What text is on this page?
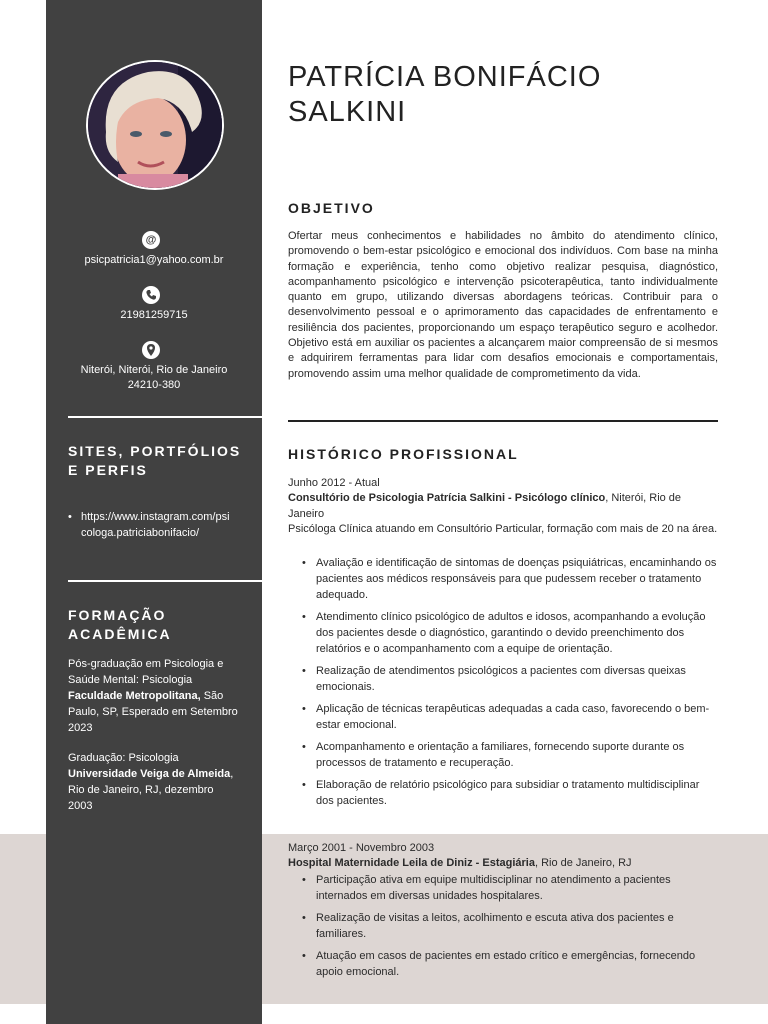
@
psicpatricia1@yahoo.com.br
21981259715
Niterói, Niterói, Rio de Janeiro
24210-380
SITES, PORTFÓLIOS E PERFIS
• https://www.instagram.com/psicologa.patriciabonifacio/
FORMAÇÃO ACADÊMICA
Pós-graduação em Psicologia e Saúde Mental: Psicologia Faculdade Metropolitana, São Paulo, SP, Esperado em Setembro 2023
Graduação: Psicologia
Universidade Veiga de Almeida, Rio de Janeiro, RJ, dezembro 2003
PATRÍCIA BONIFÁCIO SALKINI
OBJETIVO
Ofertar meus conhecimentos e habilidades no âmbito do atendimento clínico, promovendo o bem-estar psicológico e emocional dos indivíduos. Com base na minha formação e experiência, tenho como objetivo realizar pesquisa, diagnóstico, acompanhamento psicológico e intervenção psicoterapêutica, tanto individualmente quanto em grupo, utilizando diversas abordagens teóricas. Contribuir para o desenvolvimento pessoal e o aprimoramento das capacidades de enfrentamento e resiliência dos pacientes, proporcionando um espaço terapêutico seguro e acolhedor. Objetivo está em auxiliar os pacientes a alcançarem maior compreensão de si mesmos e adquirirem ferramentas para lidar com desafios emocionais e comportamentais, promovendo assim uma melhor qualidade de comprometimento da vida.
HISTÓRICO PROFISSIONAL
Junho 2012 - Atual
Consultório de Psicologia Patrícia Salkini - Psicólogo clínico, Niterói, Rio de Janeiro
Psicóloga Clínica atuando em Consultório Particular, formação com mais de 20 na área.
• Avaliação e identificação de sintomas de doenças psiquiátricas, encaminhando os pacientes aos médicos responsáveis para que pudessem receber o tratamento adequado.
• Atendimento clínico psicológico de adultos e idosos, acompanhando a evolução dos pacientes desde o diagnóstico, garantindo o devido preenchimento dos relatórios e o acompanhamento com a equipe de orientação.
• Realização de atendimentos psicológicos a pacientes com diversas queixas emocionais.
• Aplicação de técnicas terapêuticas adequadas a cada caso, favorecendo o bem-estar emocional.
• Acompanhamento e orientação a familiares, fornecendo suporte durante os processos de tratamento e recuperação.
• Elaboração de relatório psicológico para subsidiar o tratamento multidisciplinar dos pacientes.
Março 2001 - Novembro 2003
Hospital Maternidade Leila de Diniz - Estagiária, Rio de Janeiro, RJ
• Participação ativa em equipe multidisciplinar no atendimento a pacientes internados em diversas unidades hospitalares.
• Realização de visitas a leitos, acolhimento e escuta ativa dos pacientes e familiares.
• Atuação em casos de pacientes em estado crítico e emergências, fornecendo apoio emocional.
